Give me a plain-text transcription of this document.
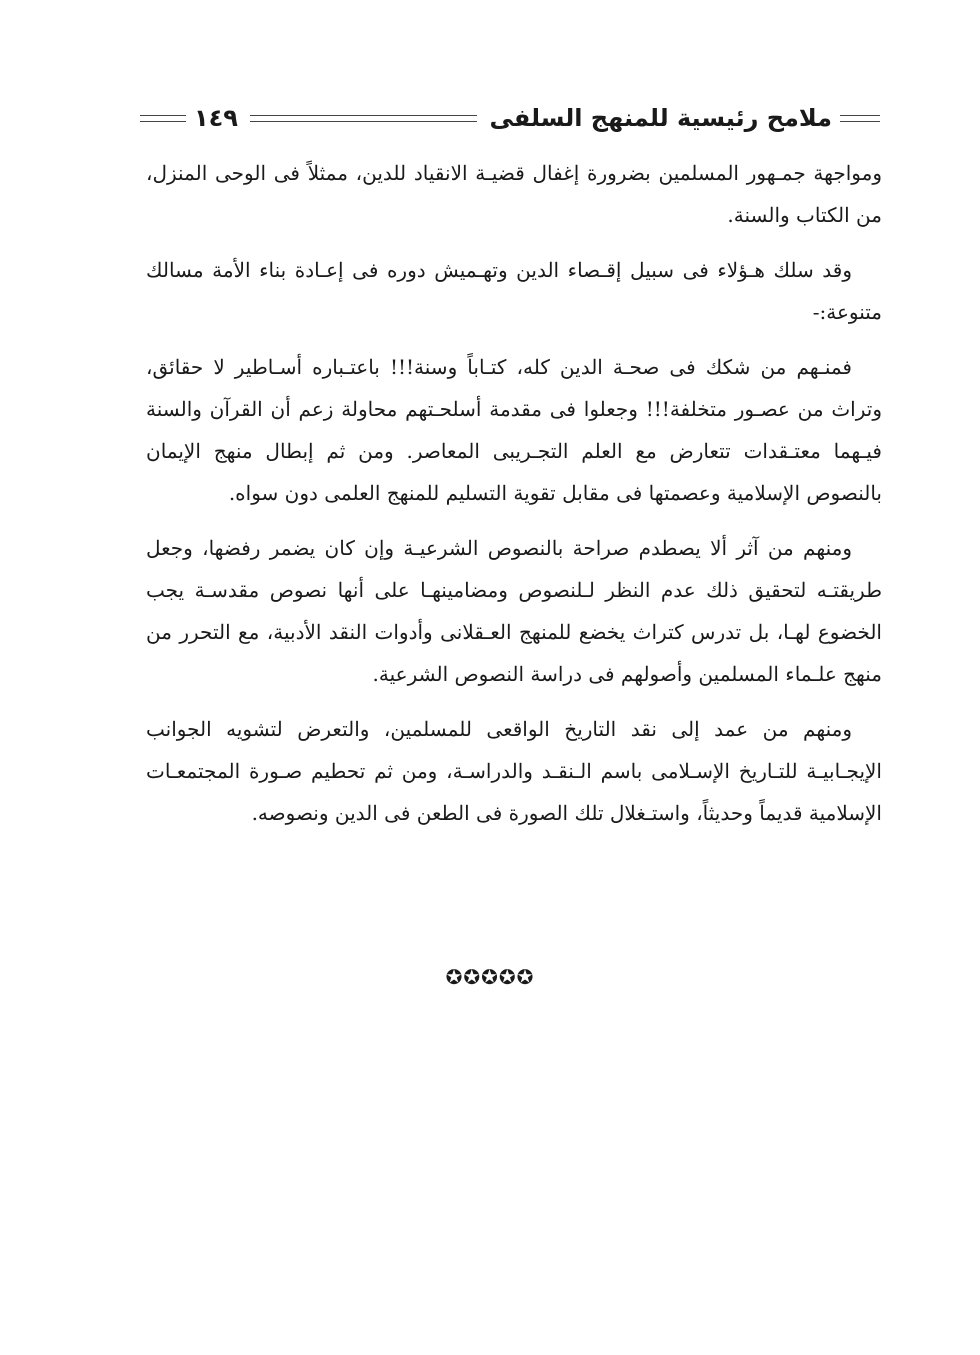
ملامح رئيسية للمنهج السلفى
١٤٩

ومواجهة جمـهور المسلمين بضرورة إغفال قضيـة الانقياد للدين، ممثلاً فى الوحى المنزل، من الكتاب والسنة.

وقد سلك هـؤلاء فى سبيل إقـصاء الدين وتهـميش دوره فى إعـادة بناء الأمة مسالك متنوعة:-

فمنـهم من شكك فى صحـة الدين كله، كتـاباً وسنة!!! باعتـباره أسـاطير لا حقائق، وتراث من عصـور متخلفة!!! وجعلوا فى مقدمة أسلحـتهم محاولة زعم أن القرآن والسنة فيـهما معتـقدات تتعارض مع العلم التجـريبى المعاصر. ومن ثم إبطال منهج الإيمان بالنصوص الإسلامية وعصمتها فى مقابل تقوية التسليم للمنهج العلمى دون سواه.

ومنهم من آثر ألا يصطدم صراحة بالنصوص الشرعيـة وإن كان يضمر رفضها، وجعل طريقتـه لتحقيق ذلك عدم النظر لـلنصوص ومضامينهـا على أنها نصوص مقدسـة يجب الخضوع لهـا، بل تدرس كتراث يخضع للمنهج العـقلانى وأدوات النقد الأدبية، مع التحرر من منهج علـماء المسلمين وأصولهم فى دراسة النصوص الشرعية.

ومنهم من عمد إلى نقد التاريخ الواقعى للمسلمين، والتعرض لتشويه الجوانب الإيجـابيـة للتـاريخ الإسـلامى باسم الـنقـد والدراسـة، ومن ثم تحطيم صـورة المجتمعـات الإسلامية قديماً وحديثاً، واستـغلال تلك الصورة فى الطعن فى الدين ونصوصه.

✪✪✪✪✪
